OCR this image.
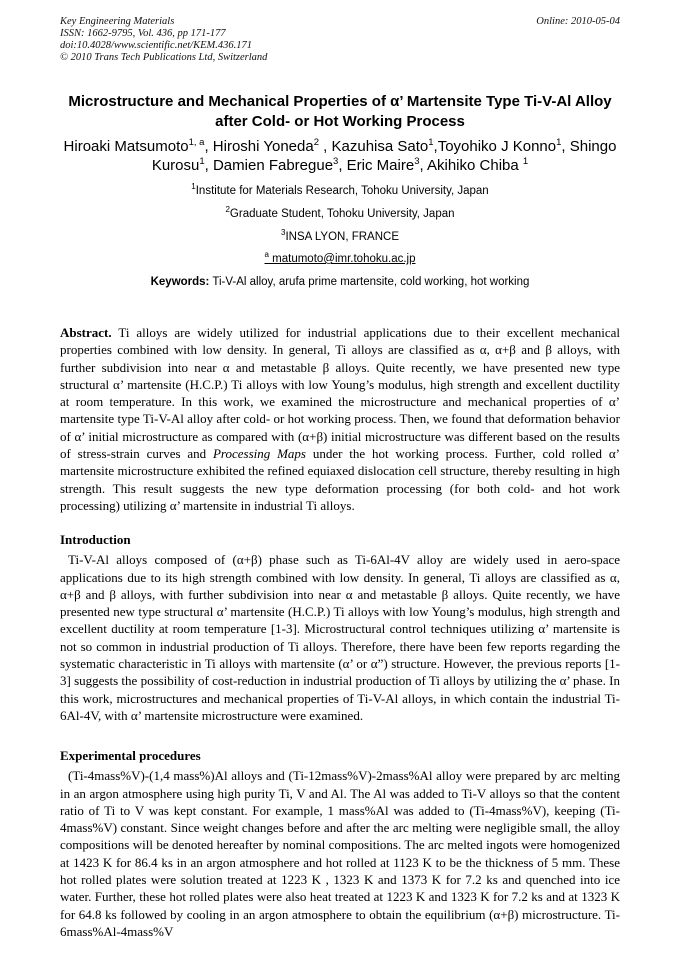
Key Engineering Materials
ISSN: 1662-9795, Vol. 436, pp 171-177
doi:10.4028/www.scientific.net/KEM.436.171
© 2010 Trans Tech Publications Ltd, Switzerland
Online: 2010-05-04
Microstructure and Mechanical Properties of α’ Martensite Type Ti-V-Al Alloy after Cold- or Hot Working Process
Hiroaki Matsumoto$^{1, a}$, Hiroshi Yoneda$^2$ , Kazuhisa Sato$^1$,Toyohiko J Konno$^1$, Shingo Kurosu$^1$, Damien Fabregue$^3$, Eric Maire$^3$, Akihiko Chiba $^1$
$^1$Institute for Materials Research, Tohoku University, Japan
$^2$Graduate Student, Tohoku University, Japan
$^3$INSA LYON, FRANCE
$^a$ matumoto@imr.tohoku.ac.jp
Keywords: Ti-V-Al alloy, arufa prime martensite, cold working, hot working

Abstract. Ti alloys are widely utilized for industrial applications due to their excellent mechanical properties combined with low density. In general, Ti alloys are classified as α, α+β and β alloys, with further subdivision into near α and metastable β alloys. Quite recently, we have presented new type structural α’ martensite (H.C.P.) Ti alloys with low Young’s modulus, high strength and excellent ductility at room temperature. In this work, we examined the microstructure and mechanical properties of α’ martensite type Ti-V-Al alloy after cold- or hot working process. Then, we found that deformation behavior of α’ initial microstructure as compared with (α+β) initial microstructure was different based on the results of stress-strain curves and Processing Maps under the hot working process. Further, cold rolled α’ martensite microstructure exhibited the refined equiaxed dislocation cell structure, thereby resulting in high strength. This result suggests the new type deformation processing (for both cold- and hot work processing) utilizing α’ martensite in industrial Ti alloys.

Introduction

Ti-V-Al alloys composed of (α+β) phase such as Ti-6Al-4V alloy are widely used in aero-space applications due to its high strength combined with low density. In general, Ti alloys are classified as α, α+β and β alloys, with further subdivision into near α and metastable β alloys. Quite recently, we have presented new type structural α’ martensite (H.C.P.) Ti alloys with low Young’s modulus, high strength and excellent ductility at room temperature [1-3]. Microstructural control techniques utilizing α’ martensite is not so common in industrial production of Ti alloys. Therefore, there have been few reports regarding the systematic characteristic in Ti alloys with martensite (α’ or α”) structure. However, the previous reports [1-3] suggests the possibility of cost-reduction in industrial production of Ti alloys by utilizing the α’ phase. In this work, microstructures and mechanical properties of Ti-V-Al alloys, in which contain the industrial Ti-6Al-4V, with α’ martensite microstructure were examined.

Experimental procedures

(Ti-4mass%V)-(1,4 mass%)Al alloys and (Ti-12mass%V)-2mass%Al alloy were prepared by arc melting in an argon atmosphere using high purity Ti, V and Al. The Al was added to Ti-V alloys so that the content ratio of Ti to V was kept constant. For example, 1 mass%Al was added to (Ti-4mass%V), keeping (Ti-4mass%V) constant. Since weight changes before and after the arc melting were negligible small, the alloy compositions will be denoted hereafter by nominal compositions. The arc melted ingots were homogenized at 1423 K for 86.4 ks in an argon atmosphere and hot rolled at 1123 K to be the thickness of 5 mm. These hot rolled plates were solution treated at 1223 K , 1323 K and 1373 K for 7.2 ks and quenched into ice water. Further, these hot rolled plates were also heat treated at 1223 K and 1323 K for 7.2 ks and at 1323 K for 64.8 ks followed by cooling in an argon atmosphere to obtain the equilibrium (α+β) microstructure. Ti-6mass%Al-4mass%V
